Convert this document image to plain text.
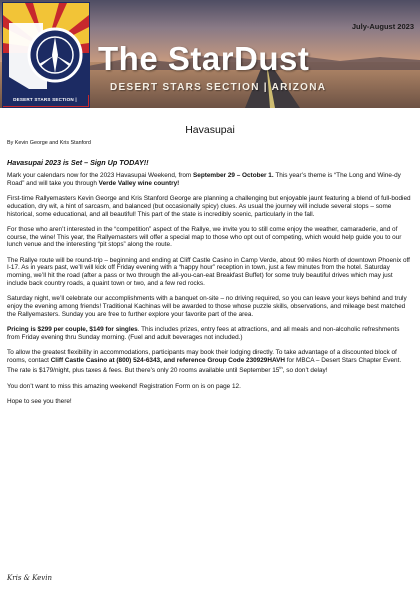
DESERT STARS SECTION | ARIZONA
July-August 2023
The StarDust
DESERT STARS SECTION | ARIZONA
Havasupai
By Kevin George and Kris Stanford
Havasupai 2023 is Set – Sign Up TODAY!!

Mark your calendars now for the 2023 Havasupai Weekend, from September 29 – October 1. This year’s theme is “The Long and Wine-dy Road” and will take you through Verde Valley wine country!

First-time Rallyemasters Kevin George and Kris Stanford George are planning a challenging but enjoyable jaunt featuring a blend of full-bodied education, dry wit, a hint of sarcasm, and balanced (but occasionally spicy) clues. As usual the journey will include several stops – some historical, some educational, and all beautiful! This part of the state is incredibly scenic, particularly in the fall.

For those who aren’t interested in the “competition” aspect of the Rallye, we invite you to still come enjoy the weather, camaraderie, and of course, the wine! This year, the Rallyemasters will offer a special map to those who opt out of competing, which would help guide you to our lunch venue and the interesting “pit stops” along the route.

The Rallye route will be round-trip – beginning and ending at Cliff Castle Casino in Camp Verde, about 90 miles North of downtown Phoenix off I-17. As in years past, we’ll will kick off Friday evening with a “happy hour” reception in town, just a few minutes from the hotel. Saturday morning, we’ll hit the road (after a pass or two through the all-you-can-eat Breakfast Buffet) for some truly beautiful drives which may just include back country roads, a quaint town or two, and a few red rocks.

Saturday night, we’ll celebrate our accomplishments with a banquet on-site – no driving required, so you can leave your keys behind and truly enjoy the evening among friends! Traditional Kachinas will be awarded to those whose puzzle skills, observations, and mileage best matched the Rallyemasters. Sunday you are free to further explore your favorite part of the area.

Pricing is $299 per couple, $149 for singles. This includes prizes, entry fees at attractions, and all meals and non-alcoholic refreshments from Friday evening thru Sunday morning. (Fuel and adult beverages not included.)

To allow the greatest flexibility in accommodations, participants may book their lodging directly. To take advantage of a discounted block of rooms, contact Cliff Castle Casino at (800) 524-6343, and reference Group Code 230929HAVH for MBCA – Desert Stars Chapter Event. The rate is $179/night, plus taxes & fees. But there’s only 20 rooms available until September 15th, so don’t delay!

You don’t want to miss this amazing weekend! Registration Form on is on page 12.

Hope to see you there!

Kris & Kevin
